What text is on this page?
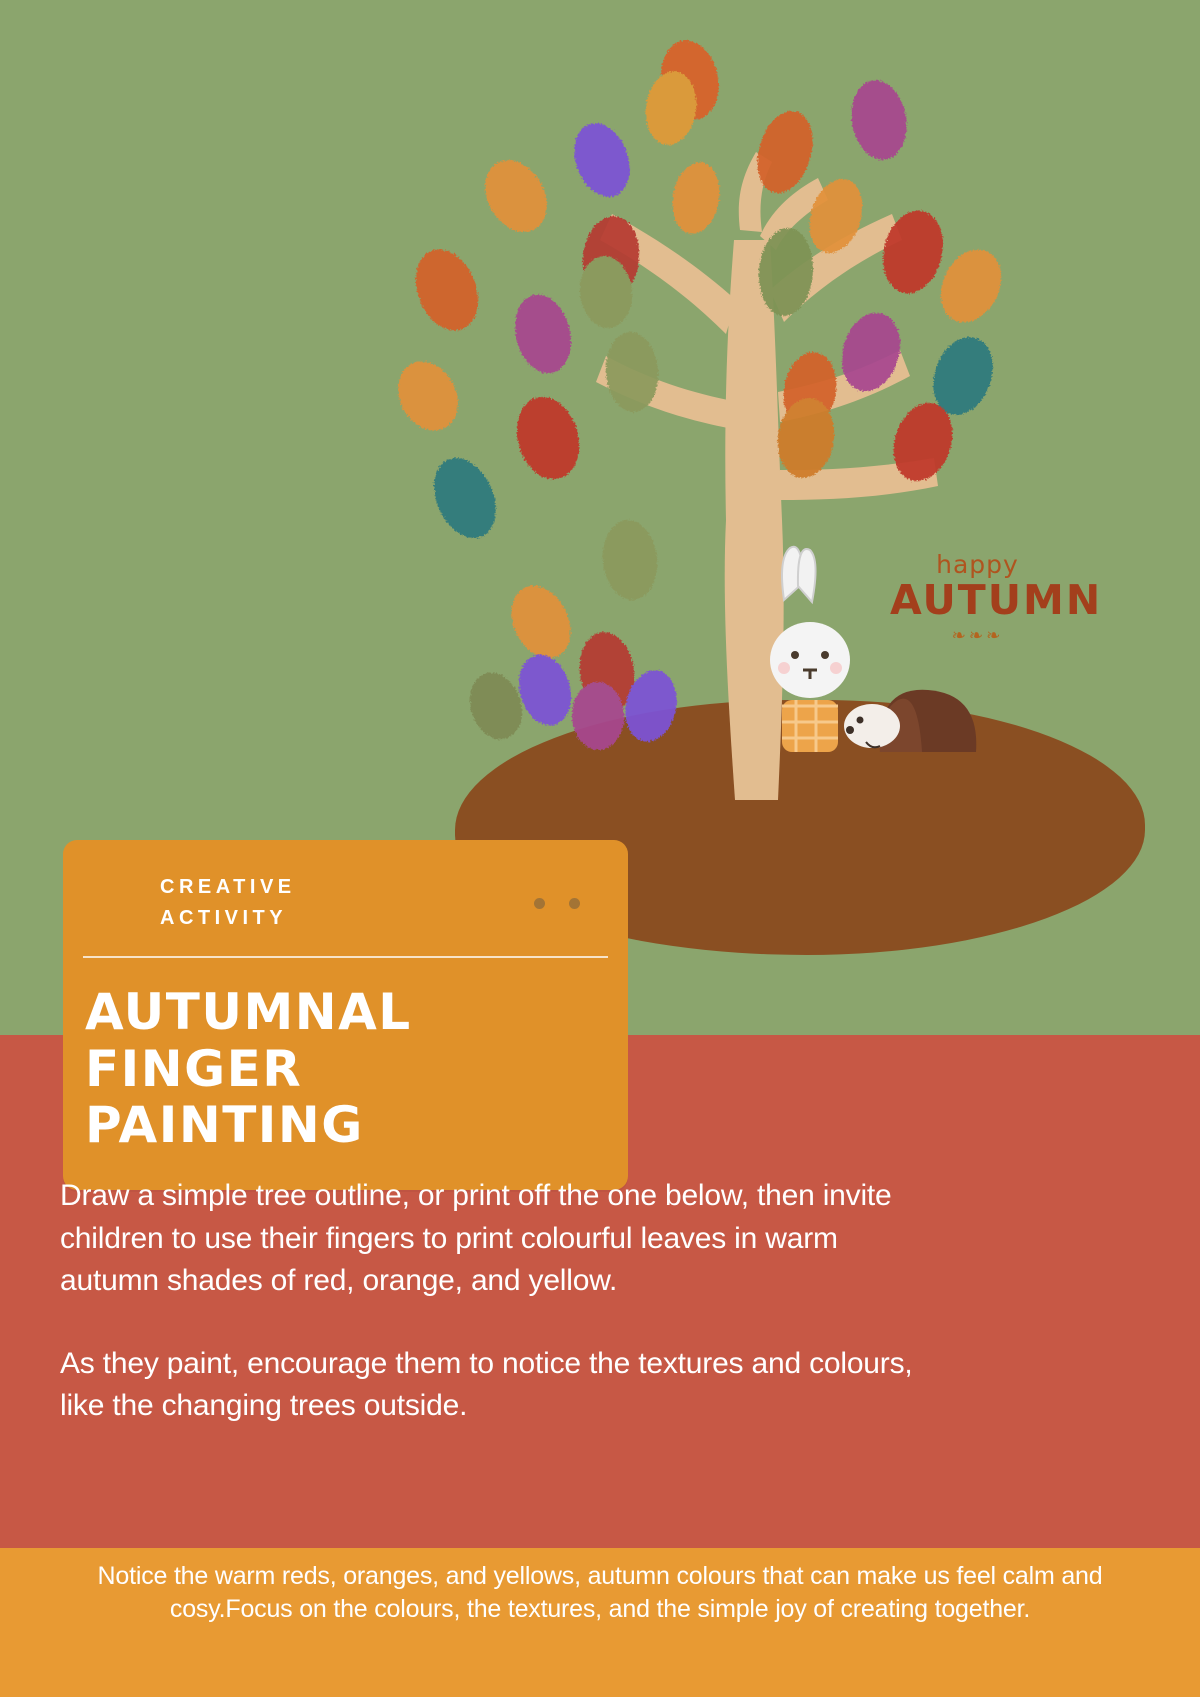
happy
AUTUMN
❧❧❧
CREATIVE
ACTIVITY
AUTUMNAL
FINGER PAINTING

Draw a simple tree outline, or print off the one below, then invite children to use their fingers to print colourful leaves in warm autumn shades of red, orange, and yellow.

As they paint, encourage them to notice the textures and colours, like the changing trees outside.

Notice the warm reds, oranges, and yellows, autumn colours that can make us feel calm and cosy.Focus on the colours, the textures, and the simple joy of creating together.
